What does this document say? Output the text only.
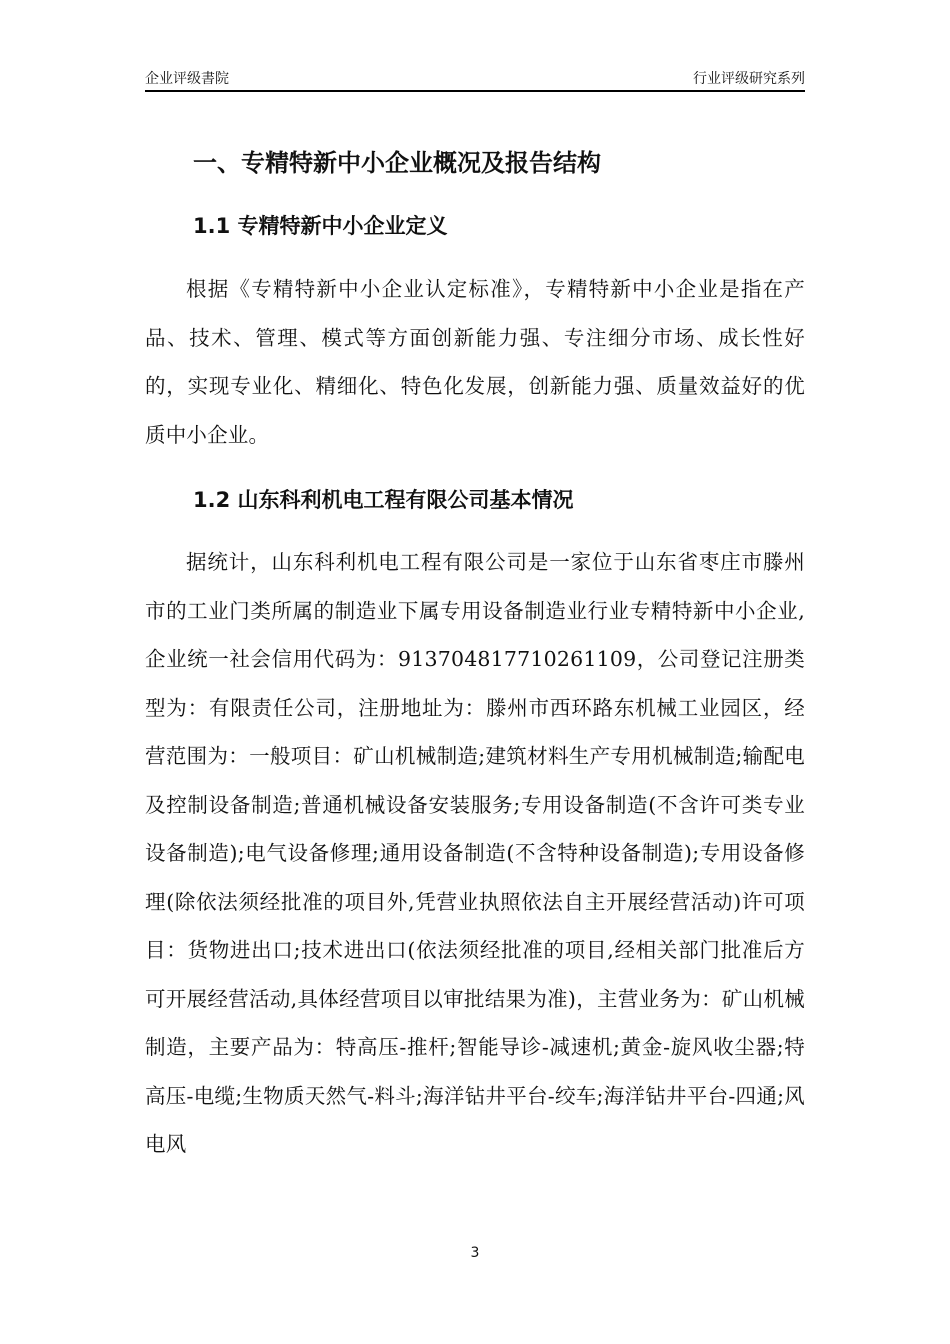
企业评级書院	行业评级研究系列
一、专精特新中小企业概况及报告结构
1.1 专精特新中小企业定义

根据《专精特新中小企业认定标准》，专精特新中小企业是指在产品、技术、管理、模式等方面创新能力强、专注细分市场、成长性好的，实现专业化、精细化、特色化发展，创新能力强、质量效益好的优质中小企业。

1.2 山东科利机电工程有限公司基本情况

据统计，山东科利机电工程有限公司是一家位于山东省枣庄市滕州市的工业门类所属的制造业下属专用设备制造业行业专精特新中小企业,企业统一社会信用代码为：913704817710261109，公司登记注册类型为：有限责任公司，注册地址为：滕州市西环路东机械工业园区，经营范围为：一般项目：矿山机械制造;建筑材料生产专用机械制造;输配电及控制设备制造;普通机械设备安装服务;专用设备制造(不含许可类专业设备制造);电气设备修理;通用设备制造(不含特种设备制造);专用设备修理(除依法须经批准的项目外,凭营业执照依法自主开展经营活动)许可项目：货物进出口;技术进出口(依法须经批准的项目,经相关部门批准后方可开展经营活动,具体经营项目以审批结果为准)，主营业务为：矿山机械制造，主要产品为：特高压-推杆;智能导诊-减速机;黄金-旋风收尘器;特高压-电缆;生物质天然气-料斗;海洋钻井平台-绞车;海洋钻井平台-四通;风电风

3
